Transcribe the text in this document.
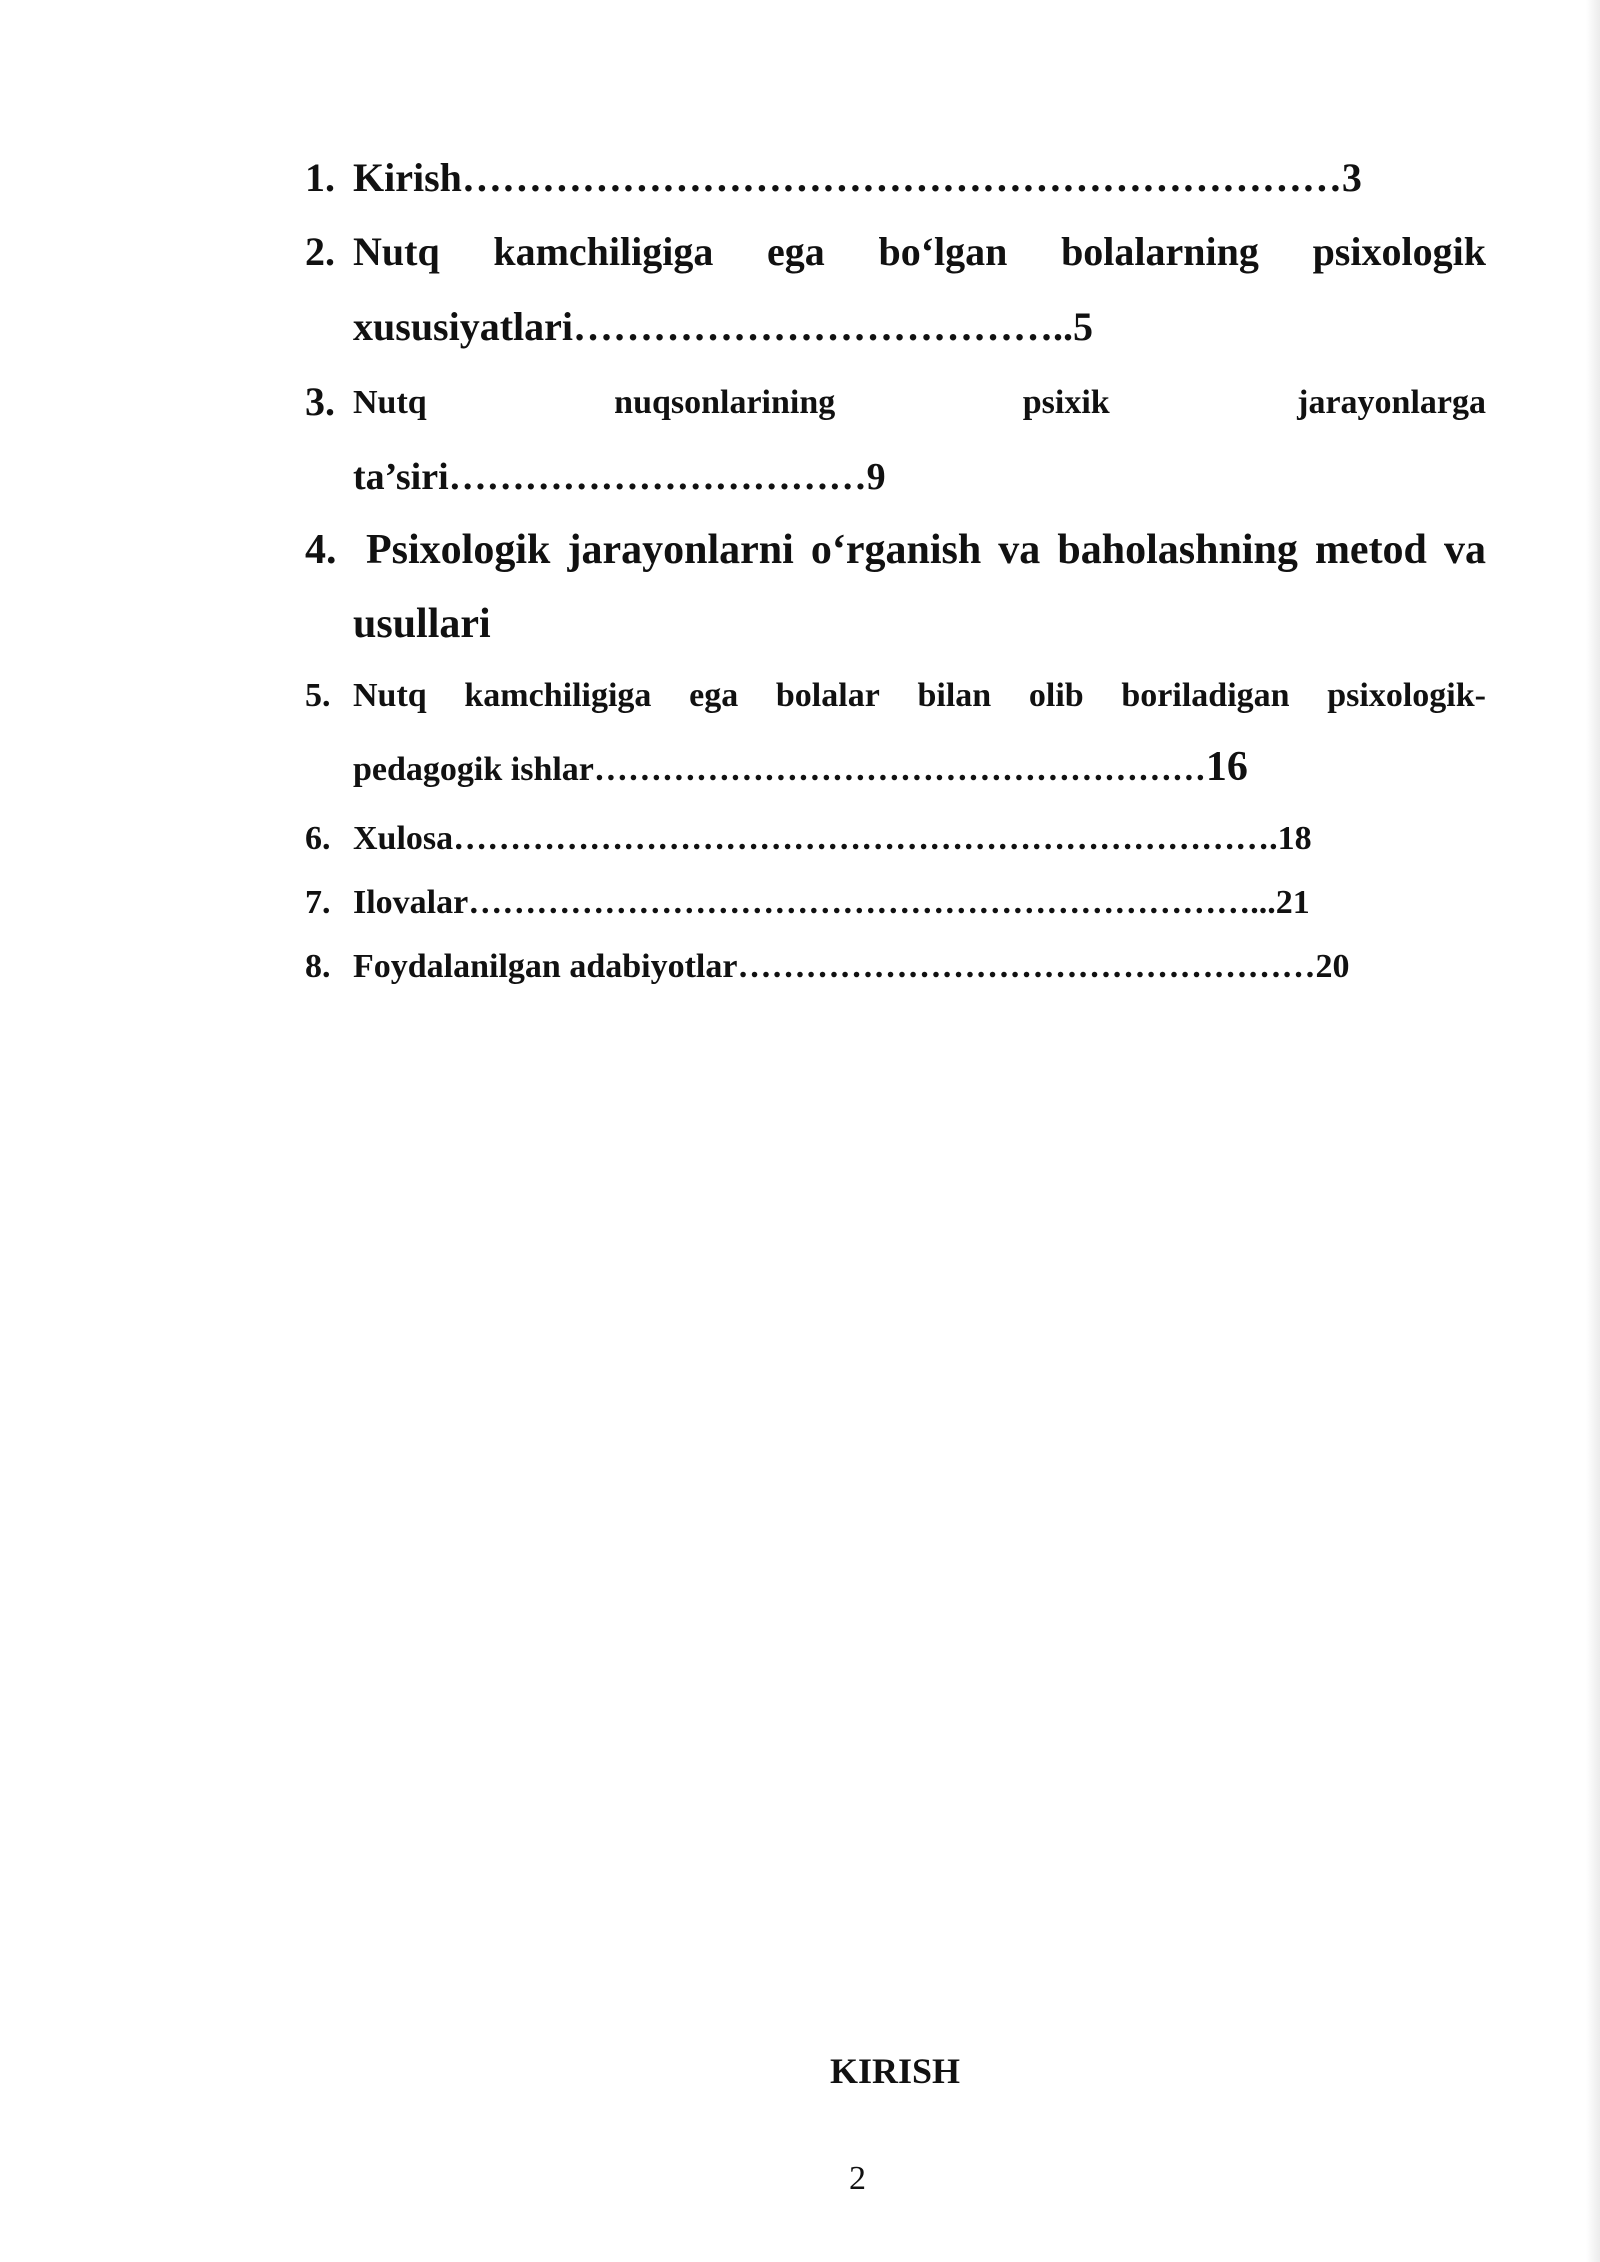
1. Kirish…………………………………………………………3
2. Nutq kamchiligiga ega bo‘lgan bolalarning psixologik
xususiyatlari………………………………..5
3. Nutq	nuqsonlarining	psixik	jarayonlarga
ta’siri……………………………9
4. Psixologik jarayonlarni o‘rganish va baholashning metod va
usullari
5. Nutq kamchiligiga ega bolalar bilan olib boriladigan psixologik-
pedagogik ishlar………………………………………………16
6. Xulosa……………………………………………………………….18
7. Ilovalar……………………………………………………………...21
8. Foydalanilgan adabiyotlar……………………………………………20
KIRISH
2
